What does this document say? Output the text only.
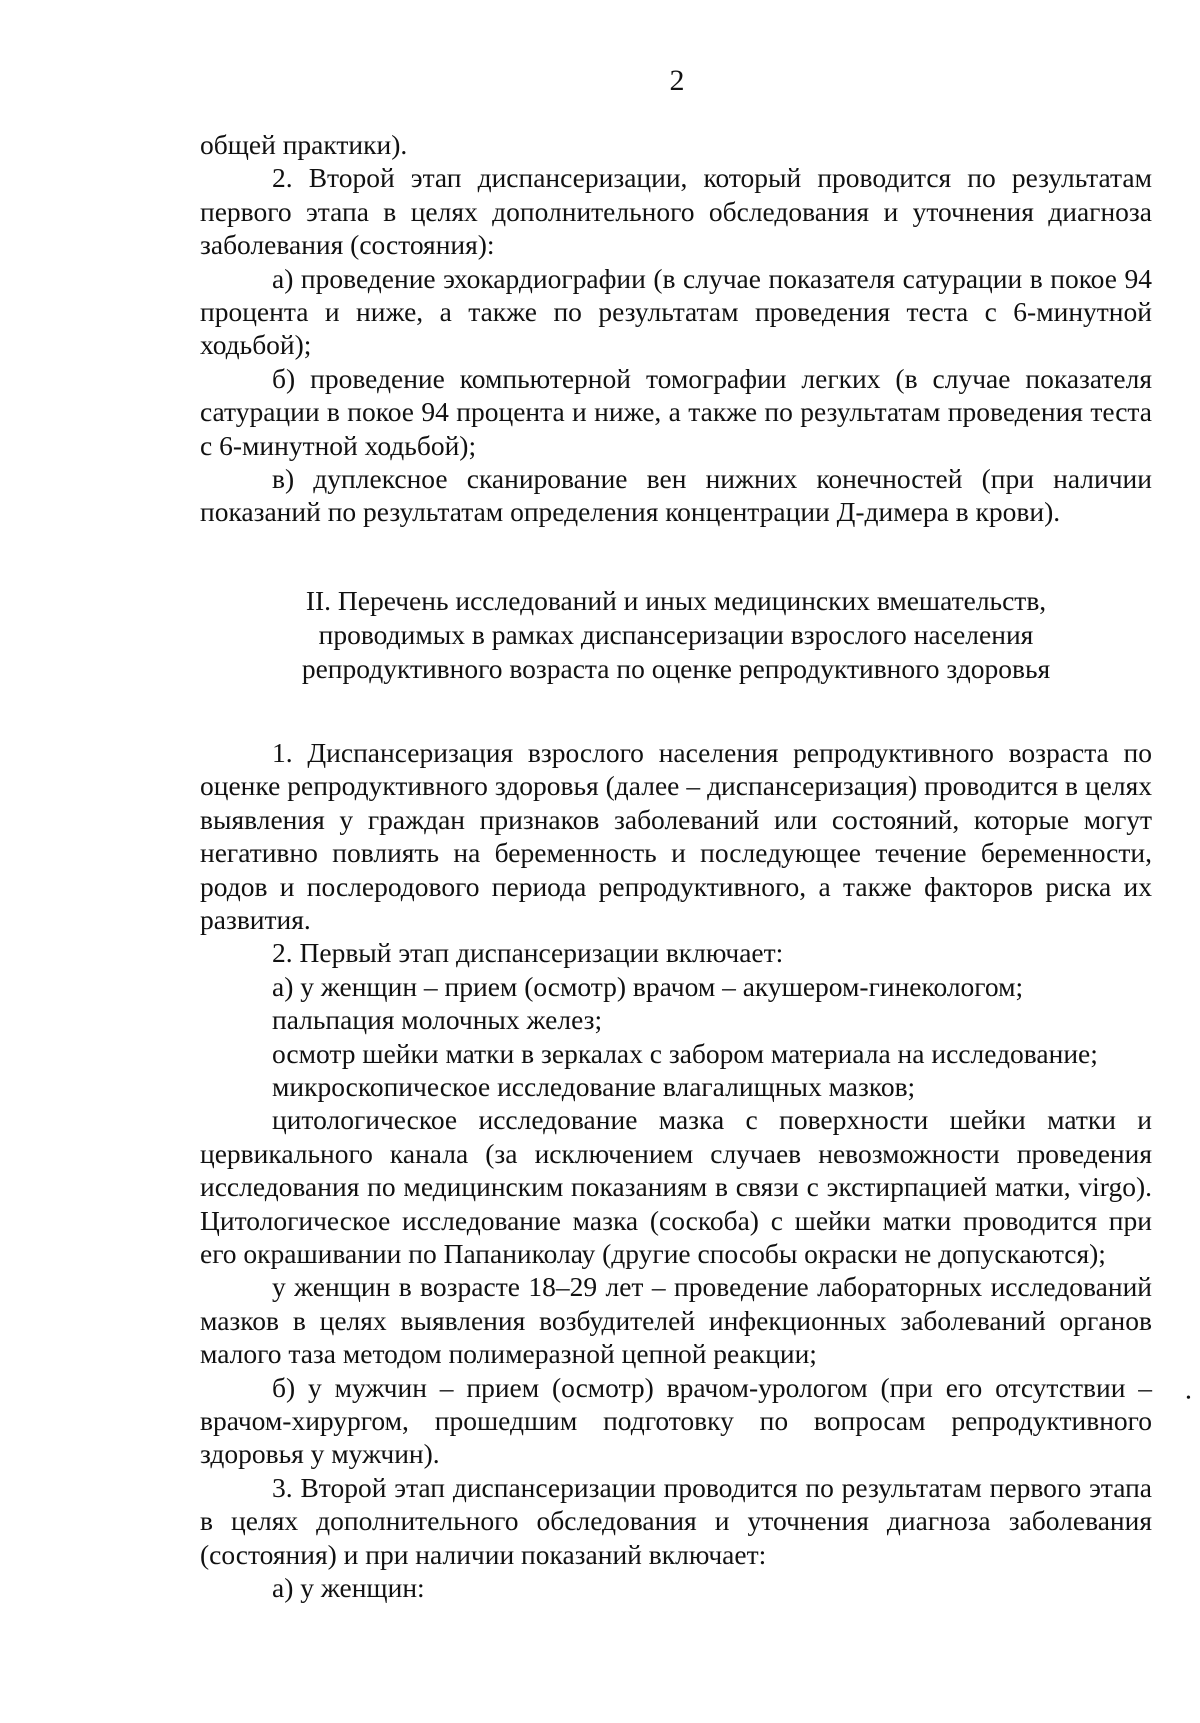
2

общей практики).

2. Второй этап диспансеризации, который проводится по результатам первого этапа в целях дополнительного обследования и уточнения диагноза заболевания (состояния):

а) проведение эхокардиографии (в случае показателя сатурации в покое 94 процента и ниже, а также по результатам проведения теста с 6-минутной ходьбой);

б) проведение компьютерной томографии легких (в случае показателя сатурации в покое 94 процента и ниже, а также по результатам проведения теста с 6-минутной ходьбой);

в) дуплексное сканирование вен нижних конечностей (при наличии показаний по результатам определения концентрации Д-димера в крови).

II. Перечень исследований и иных медицинских вмешательств,
проводимых в рамках диспансеризации взрослого населения
репродуктивного возраста по оценке репродуктивного здоровья

1. Диспансеризация взрослого населения репродуктивного возраста по оценке репродуктивного здоровья (далее – диспансеризация) проводится в целях выявления у граждан признаков заболеваний или состояний, которые могут негативно повлиять на беременность и последующее течение беременности, родов и послеродового периода репродуктивного, а также факторов риска их развития.

2. Первый этап диспансеризации включает:

а) у женщин – прием (осмотр) врачом – акушером-гинекологом;

пальпация молочных желез;

осмотр шейки матки в зеркалах с забором материала на исследование;

микроскопическое исследование влагалищных мазков;

цитологическое исследование мазка с поверхности шейки матки и цервикального канала (за исключением случаев невозможности проведения исследования по медицинским показаниям в связи с экстирпацией матки, virgo). Цитологическое исследование мазка (соскоба) с шейки матки проводится при его окрашивании по Папаниколау (другие способы окраски не допускаются);

у женщин в возрасте 18–29 лет – проведение лабораторных исследований мазков в целях выявления возбудителей инфекционных заболеваний органов малого таза методом полимеразной цепной реакции;

б) у мужчин – прием (осмотр) врачом-урологом (при его отсутствии – врачом-хирургом, прошедшим подготовку по вопросам репродуктивного здоровья у мужчин).

3. Второй этап диспансеризации проводится по результатам первого этапа в целях дополнительного обследования и уточнения диагноза заболевания (состояния) и при наличии показаний включает:

а) у женщин:

•
